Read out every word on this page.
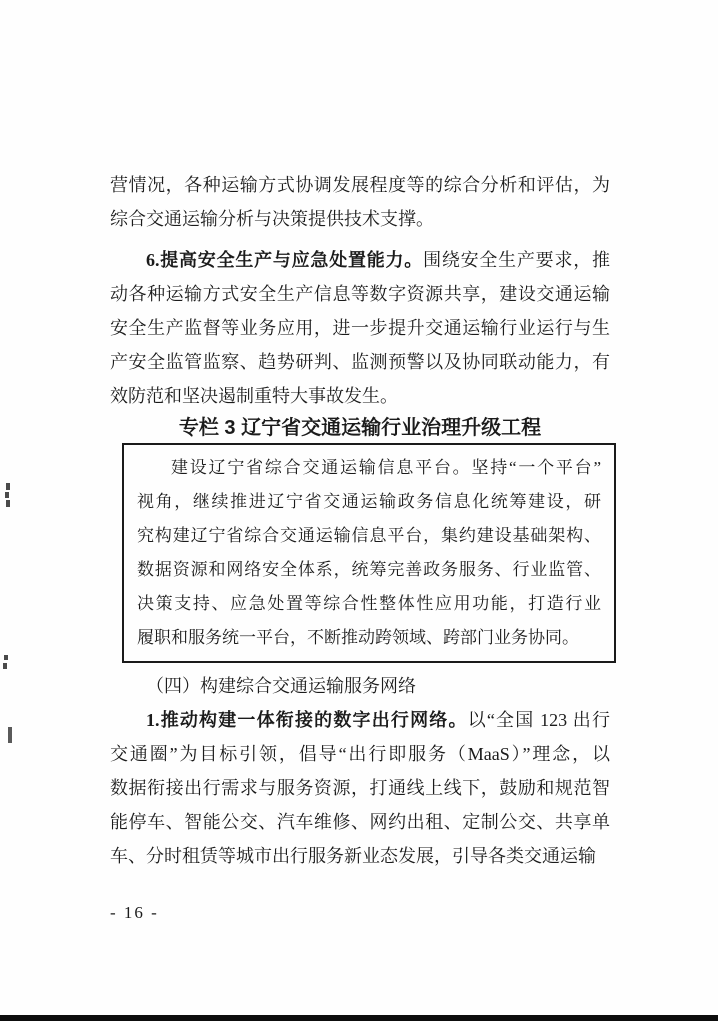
营情况，各种运输方式协调发展程度等的综合分析和评估，为
综合交通运输分析与决策提供技术支撑。
6.提高安全生产与应急处置能力。围绕安全生产要求，推
动各种运输方式安全生产信息等数字资源共享，建设交通运输
安全生产监督等业务应用，进一步提升交通运输行业运行与生
产安全监管监察、趋势研判、监测预警以及协同联动能力，有
效防范和坚决遏制重特大事故发生。
专栏 3 辽宁省交通运输行业治理升级工程
建设辽宁省综合交通运输信息平台。坚持“一个平台”
视角，继续推进辽宁省交通运输政务信息化统筹建设，研
究构建辽宁省综合交通运输信息平台，集约建设基础架构、
数据资源和网络安全体系，统筹完善政务服务、行业监管、
决策支持、应急处置等综合性整体性应用功能，打造行业
履职和服务统一平台，不断推动跨领域、跨部门业务协同。
（四）构建综合交通运输服务网络
1.推动构建一体衔接的数字出行网络。以“全国 123 出行
交通圈”为目标引领，倡导“出行即服务（MaaS）”理念，以
数据衔接出行需求与服务资源，打通线上线下，鼓励和规范智
能停车、智能公交、汽车维修、网约出租、定制公交、共享单
车、分时租赁等城市出行服务新业态发展，引导各类交通运输
- 16 -
